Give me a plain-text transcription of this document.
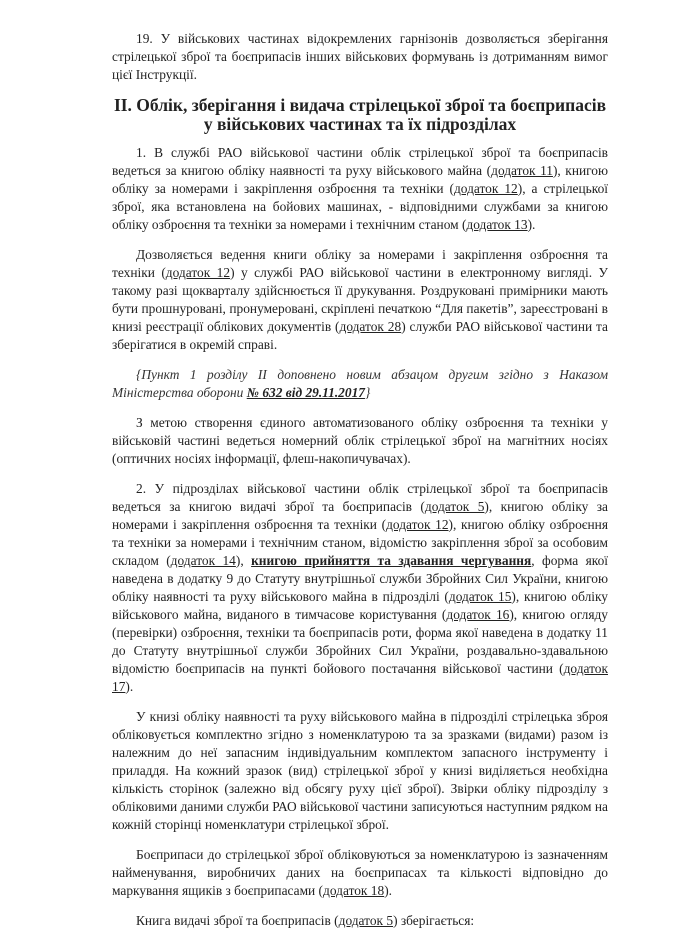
19. У військових частинах відокремлених гарнізонів дозволяється зберігання стрілецької зброї та боєприпасів інших військових формувань із дотриманням вимог цієї Інструкції.

II. Облік, зберігання і видача стрілецької зброї та боєприпасів у військових частинах та їх підрозділах

1. В службі РАО військової частини облік стрілецької зброї та боєприпасів ведеться за книгою обліку наявності та руху військового майна (додаток 11), книгою обліку за номерами і закріплення озброєння та техніки (додаток 12), а стрілецької зброї, яка встановлена на бойових машинах, - відповідними службами за книгою обліку озброєння та техніки за номерами і технічним станом (додаток 13).

Дозволяється ведення книги обліку за номерами і закріплення озброєння та техніки (додаток 12) у службі РАО військової частини в електронному вигляді. У такому разі щокварталу здійснюється її друкування. Роздруковані примірники мають бути прошнуровані, пронумеровані, скріплені печаткою “Для пакетів”, зареєстровані в книзі реєстрації облікових документів (додаток 28) служби РАО військової частини та зберігатися в окремій справі.

{Пункт 1 розділу II доповнено новим абзацом другим згідно з Наказом Міністерства оборони № 632 від 29.11.2017}

З метою створення єдиного автоматизованого обліку озброєння та техніки у військовій частині ведеться номерний облік стрілецької зброї на магнітних носіях (оптичних носіях інформації, флеш-накопичувачах).

2. У підрозділах військової частини облік стрілецької зброї та боєприпасів ведеться за книгою видачі зброї та боєприпасів (додаток 5), книгою обліку за номерами і закріплення озброєння та техніки (додаток 12), книгою обліку озброєння та техніки за номерами і технічним станом, відомістю закріплення зброї за особовим складом (додаток 14), книгою прийняття та здавання чергування, форма якої наведена в додатку 9 до Статуту внутрішньої служби Збройних Сил України, книгою обліку наявності та руху військового майна в підрозділі (додаток 15), книгою обліку військового майна, виданого в тимчасове користування (додаток 16), книгою огляду (перевірки) озброєння, техніки та боєприпасів роти, форма якої наведена в додатку 11 до Статуту внутрішньої служби Збройних Сил України, роздавально-здавальною відомістю боєприпасів на пункті бойового постачання військової частини (додаток 17).

У книзі обліку наявності та руху військового майна в підрозділі стрілецька зброя обліковується комплектно згідно з номенклатурою та за зразками (видами) разом із належним до неї запасним індивідуальним комплектом запасного інструменту і приладдя. На кожний зразок (вид) стрілецької зброї у книзі виділяється необхідна кількість сторінок (залежно від обсягу руху цієї зброї). Звірки обліку підрозділу з обліковими даними служби РАО військової частини записуються наступним рядком на кожній сторінці номенклатури стрілецької зброї.

Боєприпаси до стрілецької зброї обліковуються за номенклатурою із зазначенням найменування, виробничих даних на боєприпасах та кількості відповідно до маркування ящиків з боєприпасами (додаток 18).

Книга видачі зброї та боєприпасів (додаток 5) зберігається:
